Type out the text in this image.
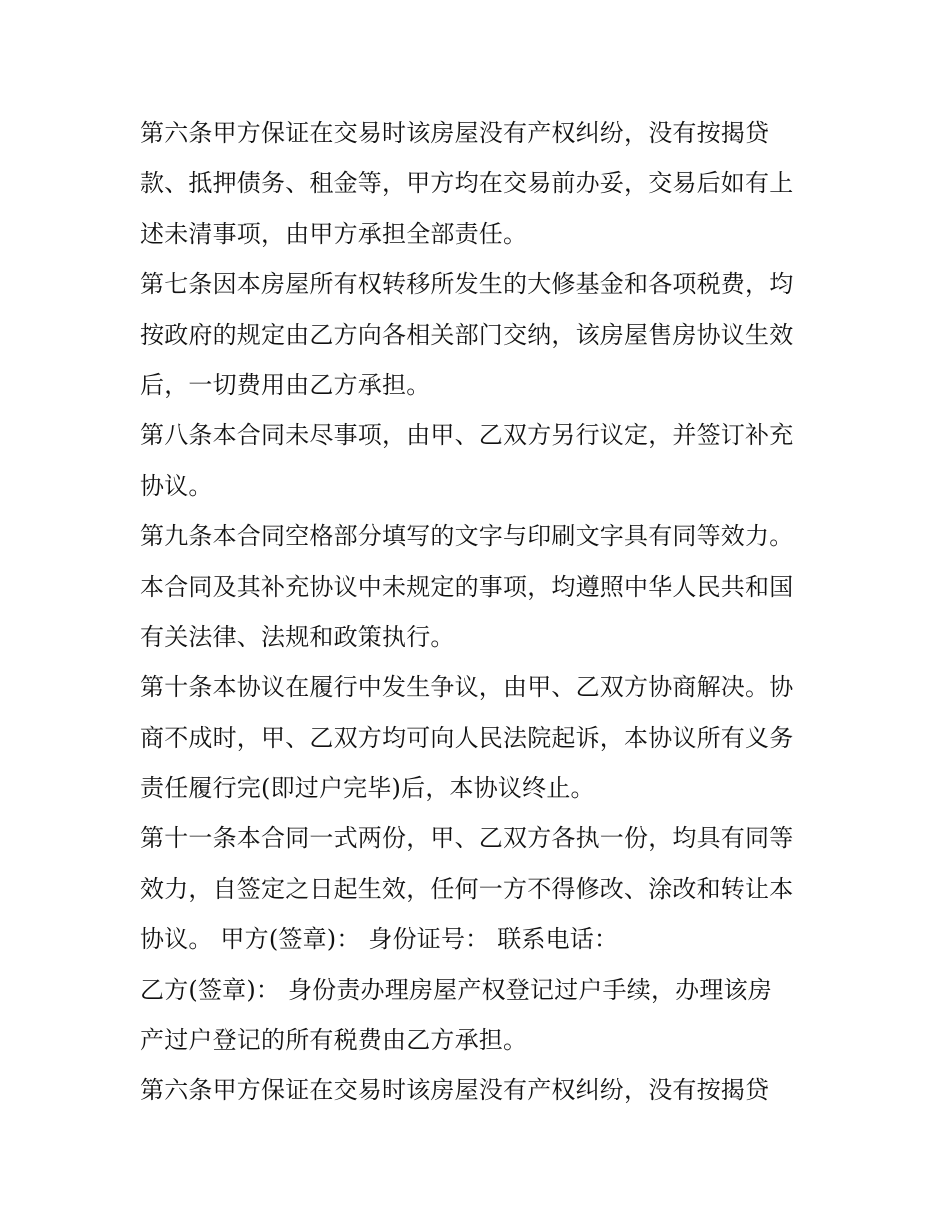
第六条甲方保证在交易时该房屋没有产权纠纷，没有按揭贷
款、抵押债务、租金等，甲方均在交易前办妥，交易后如有上
述未清事项，由甲方承担全部责任。
第七条因本房屋所有权转移所发生的大修基金和各项税费，均
按政府的规定由乙方向各相关部门交纳，该房屋售房协议生效
后，一切费用由乙方承担。
第八条本合同未尽事项，由甲、乙双方另行议定，并签订补充
协议。
第九条本合同空格部分填写的文字与印刷文字具有同等效力。
本合同及其补充协议中未规定的事项，均遵照中华人民共和国
有关法律、法规和政策执行。
第十条本协议在履行中发生争议，由甲、乙双方协商解决。协
商不成时，甲、乙双方均可向人民法院起诉，本协议所有义务
责任履行完(即过户完毕)后，本协议终止。
第十一条本合同一式两份，甲、乙双方各执一份，均具有同等
效力，自签定之日起生效，任何一方不得修改、涂改和转让本
协议。 甲方(签章)： 身份证号： 联系电话：
乙方(签章)： 身份责办理房屋产权登记过户手续，办理该房
产过户登记的所有税费由乙方承担。
第六条甲方保证在交易时该房屋没有产权纠纷，没有按揭贷
